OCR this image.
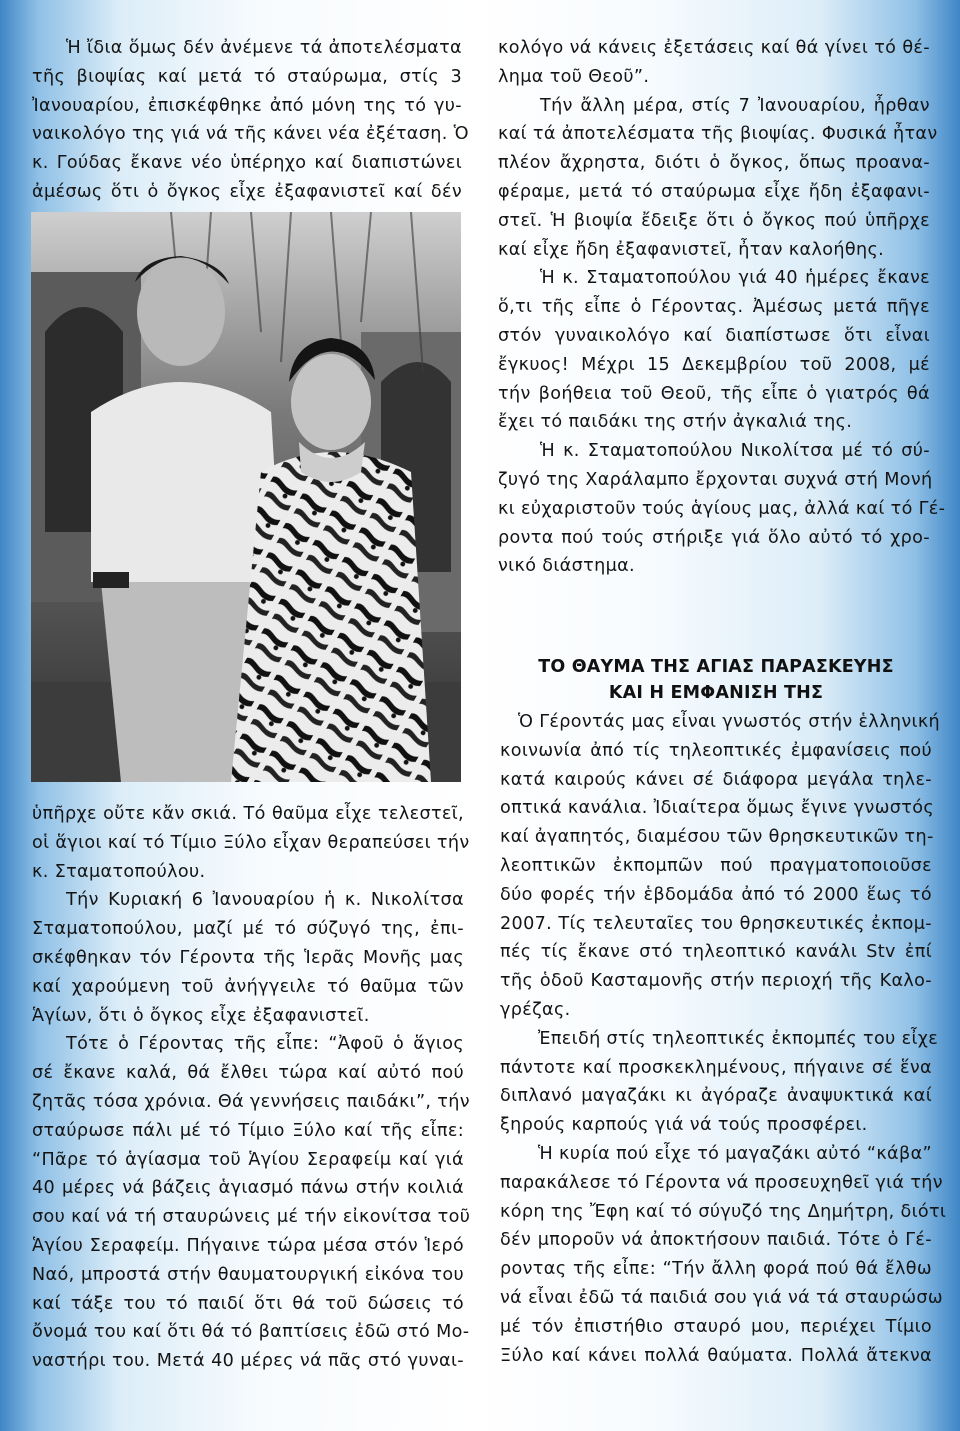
Ἡ ἴδια ὅμως δέν ἀνέμενε τά ἀποτελέσματα

τῆς βιοψίας καί μετά τό σταύρωμα, στίς 3

Ἰανουαρίου, ἐπισκέφθηκε ἀπό μόνη της τό γυ-

ναικολόγο της γιά νά τῆς κάνει νέα ἐξέταση. Ὁ

κ. Γούδας ἔκανε νέο ὑπέρηχο καί διαπιστώνει

ἀμέσως ὅτι ὁ ὄγκος εἶχε ἐξαφανιστεῖ καί δέν

ὑπῆρχε οὔτε κἄν σκιά. Τό θαῦμα εἶχε τελεστεῖ,

οἱ ἅγιοι καί τό Τίμιο Ξύλο εἶχαν θεραπεύσει τήν

κ. Σταματοπούλου.

Τήν Κυριακή 6 Ἰανουαρίου ἡ κ. Νικολίτσα

Σταματοπούλου, μαζί μέ τό σύζυγό της, ἐπι-

σκέφθηκαν τόν Γέροντα τῆς Ἱερᾶς Μονῆς μας

καί χαρούμενη τοῦ ἀνήγγειλε τό θαῦμα τῶν

Ἁγίων, ὅτι ὁ ὄγκος εἶχε ἐξαφανιστεῖ.

Τότε ὁ Γέροντας τῆς εἶπε: “Ἀφοῦ ὁ ἅγιος

σέ ἔκανε καλά, θά ἔλθει τώρα καί αὐτό πού

ζητᾶς τόσα χρόνια. Θά γεννήσεις παιδάκι”, τήν

σταύρωσε πάλι μέ τό Τίμιο Ξύλο καί τῆς εἶπε:

“Πᾶρε τό ἁγίασμα τοῦ Ἁγίου Σεραφείμ καί γιά

40 μέρες νά βάζεις ἁγιασμό πάνω στήν κοιλιά

σου καί νά τή σταυρώνεις μέ τήν εἰκονίτσα τοῦ

Ἁγίου Σεραφείμ. Πήγαινε τώρα μέσα στόν Ἱερό

Ναό, μπροστά στήν θαυματουργική εἰκόνα του

καί τάξε του τό παιδί ὅτι θά τοῦ δώσεις τό

ὄνομά του καί ὅτι θά τό βαπτίσεις ἐδῶ στό Μο-

ναστήρι του. Μετά 40 μέρες νά πᾶς στό γυναι-

κολόγο νά κάνεις ἐξετάσεις καί θά γίνει τό θέ-

λημα τοῦ Θεοῦ”.

Τήν ἄλλη μέρα, στίς 7 Ἰανουαρίου, ἦρθαν

καί τά ἀποτελέσματα τῆς βιοψίας. Φυσικά ἦταν

πλέον ἄχρηστα, διότι ὁ ὄγκος, ὅπως προανα-

φέραμε, μετά τό σταύρωμα εἶχε ἤδη ἐξαφανι-

στεῖ. Ἡ βιοψία ἔδειξε ὅτι ὁ ὄγκος πού ὑπῆρχε

καί εἶχε ἤδη ἐξαφανιστεῖ, ἦταν καλοήθης.

Ἡ κ. Σταματοπούλου γιά 40 ἡμέρες ἔκανε

ὅ,τι τῆς εἶπε ὁ Γέροντας. Ἀμέσως μετά πῆγε

στόν γυναικολόγο καί διαπίστωσε ὅτι εἶναι

ἔγκυος! Μέχρι 15 Δεκεμβρίου τοῦ 2008, μέ

τήν βοήθεια τοῦ Θεοῦ, τῆς εἶπε ὁ γιατρός θά

ἔχει τό παιδάκι της στήν ἀγκαλιά της.

Ἡ κ. Σταματοπούλου Νικολίτσα μέ τό σύ-

ζυγό της Χαράλαμπο ἔρχονται συχνά στή Μονή

κι εὐχαριστοῦν τούς ἁγίους μας, ἀλλά καί τό Γέ-

ροντα πού τούς στήριξε γιά ὅλο αὐτό τό χρο-

νικό διάστημα.

ΤΟ ΘΑΥΜΑ ΤΗΣ ΑΓΙΑΣ ΠΑΡΑΣΚΕΥΗΣ
ΚΑΙ Η ΕΜΦΑΝΙΣΗ ΤΗΣ

Ὁ Γέροντάς μας εἶναι γνωστός στήν ἑλληνική

κοινωνία ἀπό τίς τηλεοπτικές ἐμφανίσεις πού

κατά καιρούς κάνει σέ διάφορα μεγάλα τηλε-

οπτικά κανάλια. Ἰδιαίτερα ὅμως ἔγινε γνωστός

καί ἀγαπητός, διαμέσου τῶν θρησκευτικῶν τη-

λεοπτικῶν ἐκπομπῶν πού πραγματοποιοῦσε

δύο φορές τήν ἑβδομάδα ἀπό τό 2000 ἕως τό

2007. Τίς τελευταῖες του θρησκευτικές ἐκπομ-

πές τίς ἔκανε στό τηλεοπτικό κανάλι Stv ἐπί

τῆς ὁδοῦ Κασταμονῆς στήν περιοχή τῆς Καλο-

γρέζας.

Ἐπειδή στίς τηλεοπτικές ἐκπομπές του εἶχε

πάντοτε καί προσκεκλημένους, πήγαινε σέ ἕνα

διπλανό μαγαζάκι κι ἀγόραζε ἀναψυκτικά καί

ξηρούς καρπούς γιά νά τούς προσφέρει.

Ἡ κυρία πού εἶχε τό μαγαζάκι αὐτό “κάβα”

παρακάλεσε τό Γέροντα νά προσευχηθεῖ γιά τήν

κόρη της Ἔφη καί τό σύγυζό της Δημήτρη, διότι

δέν μποροῦν νά ἀποκτήσουν παιδιά. Τότε ὁ Γέ-

ροντας τῆς εἶπε: “Τήν ἄλλη φορά πού θά ἔλθω

νά εἶναι ἐδῶ τά παιδιά σου γιά νά τά σταυρώσω

μέ τόν ἐπιστήθιο σταυρό μου, περιέχει Τίμιο

Ξύλο καί κάνει πολλά θαύματα. Πολλά ἄτεκνα
